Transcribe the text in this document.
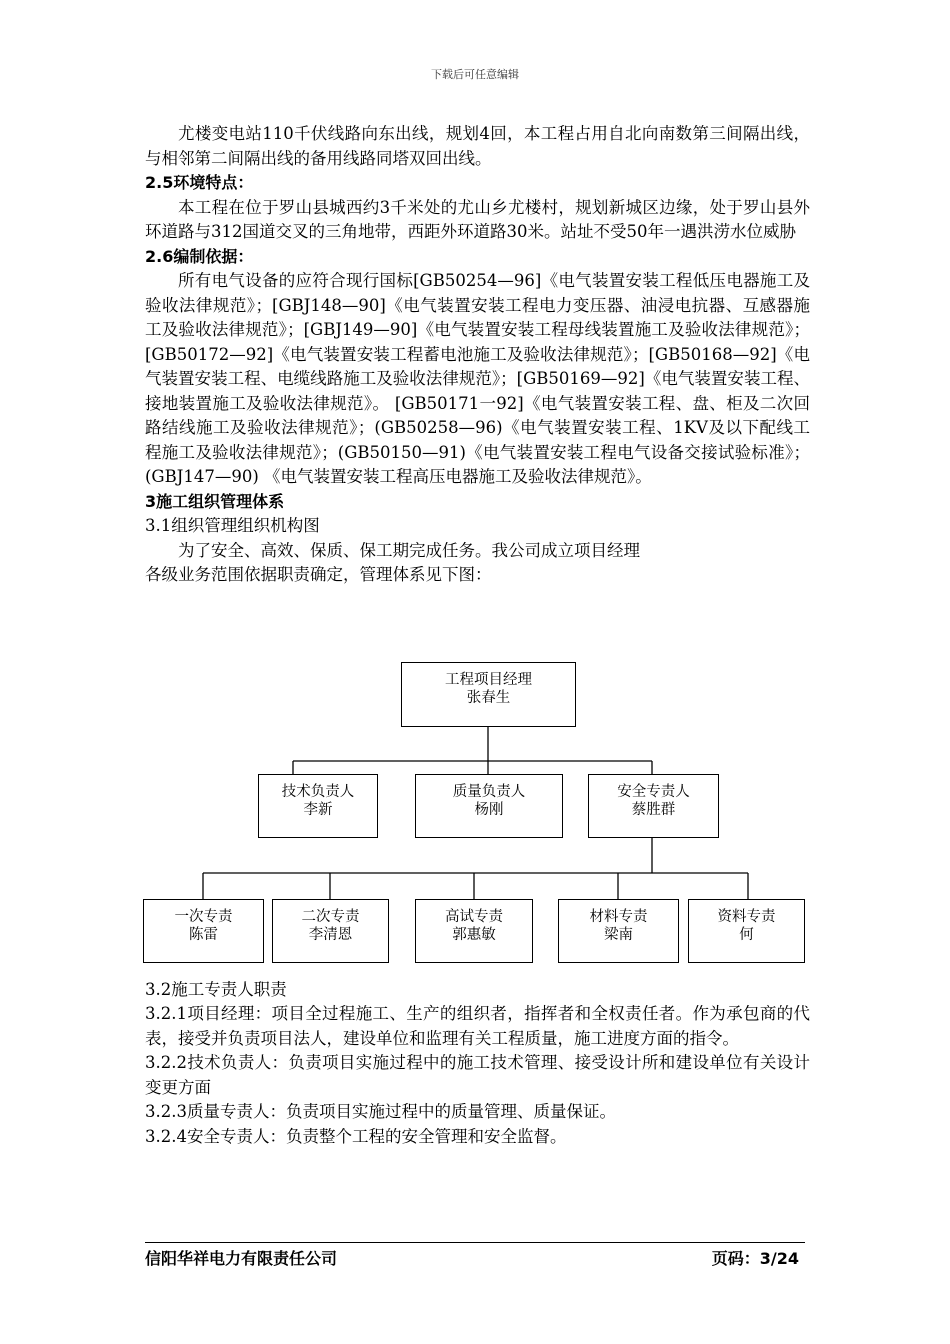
下载后可任意编辑

尤楼变电站110千伏线路向东出线，规划4回，本工程占用自北向南数第三间隔出线，与相邻第二间隔出线的备用线路同塔双回出线。

2.5环境特点：

本工程在位于罗山县城西约3千米处的尤山乡尤楼村，规划新城区边缘，处于罗山县外环道路与312国道交叉的三角地带，西距外环道路30米。站址不受50年一遇洪涝水位威胁

2.6编制依据：

所有电气设备的应符合现行国标[GB50254—96]《电气装置安装工程低压电器施工及验收法律规范》；[GBJ148—90]《电气装置安装工程电力变压器、油浸电抗器、互感器施工及验收法律规范》；[GBJ149—90]《电气装置安装工程母线装置施工及验收法律规范》；[GB50172—92]《电气装置安装工程蓄电池施工及验收法律规范》；[GB50168—92]《电气装置安装工程、电缆线路施工及验收法律规范》；[GB50169—92]《电气装置安装工程、接地装置施工及验收法律规范》。 [GB50171一92]《电气装置安装工程、盘、柜及二次回路结线施工及验收法律规范》；(GB50258—96)《电气装置安装工程、1KV及以下配线工程施工及验收法律规范》；(GB50150—91)《电气装置安装工程电气设备交接试验标准》；(GBJ147—90) 《电气装置安装工程高压电器施工及验收法律规范》。

3施工组织管理体系

3.1组织管理组织机构图

为了安全、高效、保质、保工期完成任务。我公司成立项目经理

各级业务范围依据职责确定，管理体系见下图：

3.2施工专责人职责

3.2.1项目经理：项目全过程施工、生产的组织者，指挥者和全权责任者。作为承包商的代表，接受并负责项目法人，建设单位和监理有关工程质量，施工进度方面的指令。

3.2.2技术负责人：负责项目实施过程中的施工技术管理、接受设计所和建设单位有关设计变更方面

3.2.3质量专责人：负责项目实施过程中的质量管理、质量保证。

3.2.4安全专责人：负责整个工程的安全管理和安全监督。

工程项目经理
张春生
技术负责人
李新
质量负责人
杨刚
安全专责人
蔡胜群
一次专责
陈雷
二次专责
李清恩
高试专责
郭惠敏
材料专责
梁南
资料专责
何
信阳华祥电力有限责任公司	页码：3/24
